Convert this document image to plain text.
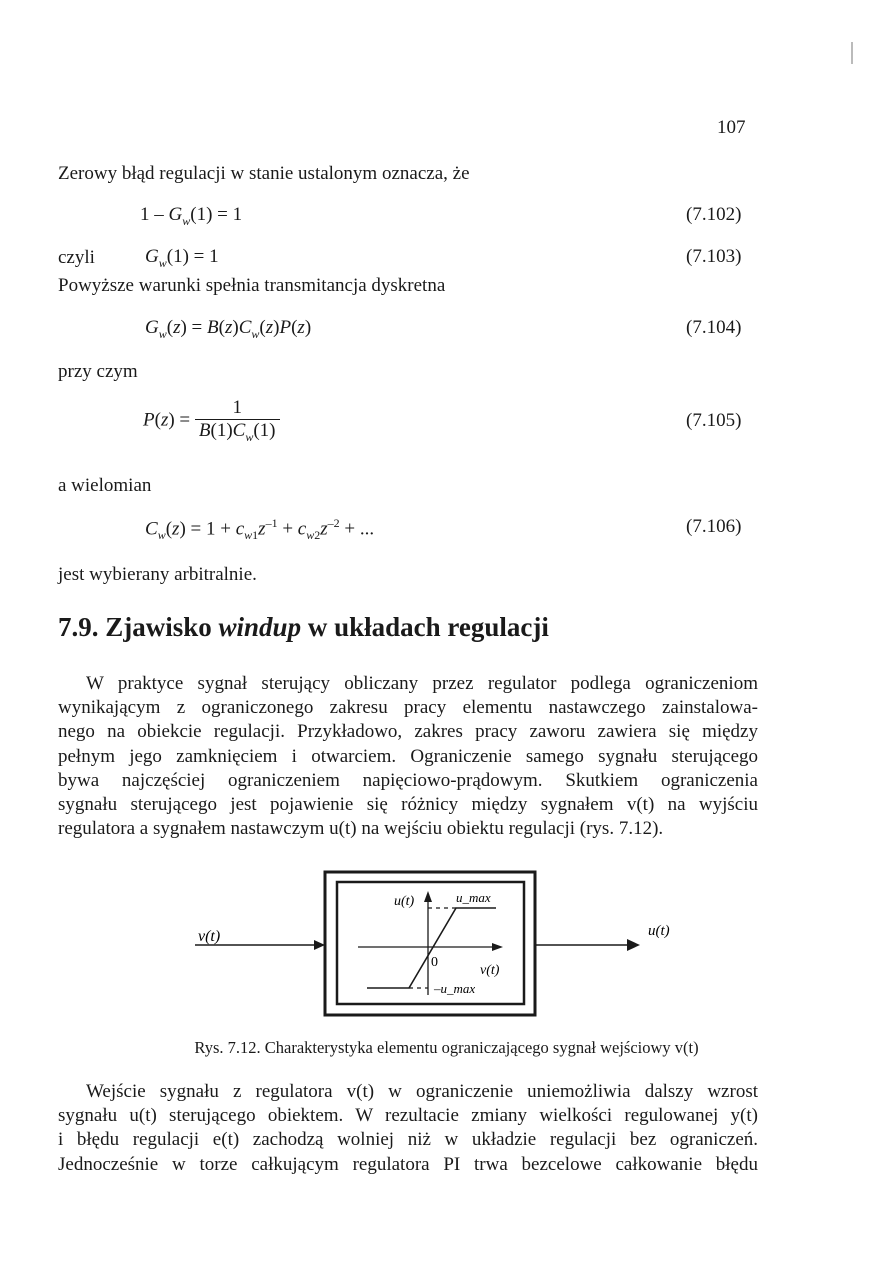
107
Zerowy błąd regulacji w stanie ustalonym oznacza, że
$1 - G_w(1) = 1$	(7.102)
czyli	$G_w(1) = 1$	(7.103)
Powyższe warunki spełnia transmitancja dyskretna
$G_w(z) = B(z)C_w(z)P(z)$	(7.104)
przy czym
$P(z) = \frac{1}{B(1)C_w(1)}$	(7.105)
a wielomian
$C_w(z) = 1 + c_{w1}z^{-1} + c_{w2}z^{-2}$ + ...	(7.106)
jest wybierany arbitralnie.
7.9. Zjawisko windup w układach regulacji
W praktyce sygnał sterujący obliczany przez regulator podlega ograniczeniom
wynikającym z ograniczonego zakresu pracy elementu nastawczego zainstalowa-
nego na obiekcie regulacji. Przykładowo, zakres pracy zaworu zawiera się między
pełnym jego zamknięciem i otwarciem. Ograniczenie samego sygnału sterującego
bywa najczęściej ograniczeniem napięciowo-prądowym. Skutkiem ograniczenia
sygnału sterującego jest pojawienie się różnicy między sygnałem v(t) na wyjściu
regulatora a sygnałem nastawczym u(t) na wejściu obiektu regulacji (rys. 7.12).
v(t)	u(t)
u(t)
v(t)
0
u_max
–u_max
Rys. 7.12. Charakterystyka elementu ograniczającego sygnał wejściowy v(t)
Wejście sygnału z regulatora v(t) w ograniczenie uniemożliwia dalszy wzrost
sygnału u(t) sterującego obiektem. W rezultacie zmiany wielkości regulowanej y(t)
i błędu regulacji e(t) zachodzą wolniej niż w układzie regulacji bez ograniczeń.
Jednocześnie w torze całkującym regulatora PI trwa bezcelowe całkowanie błędu
